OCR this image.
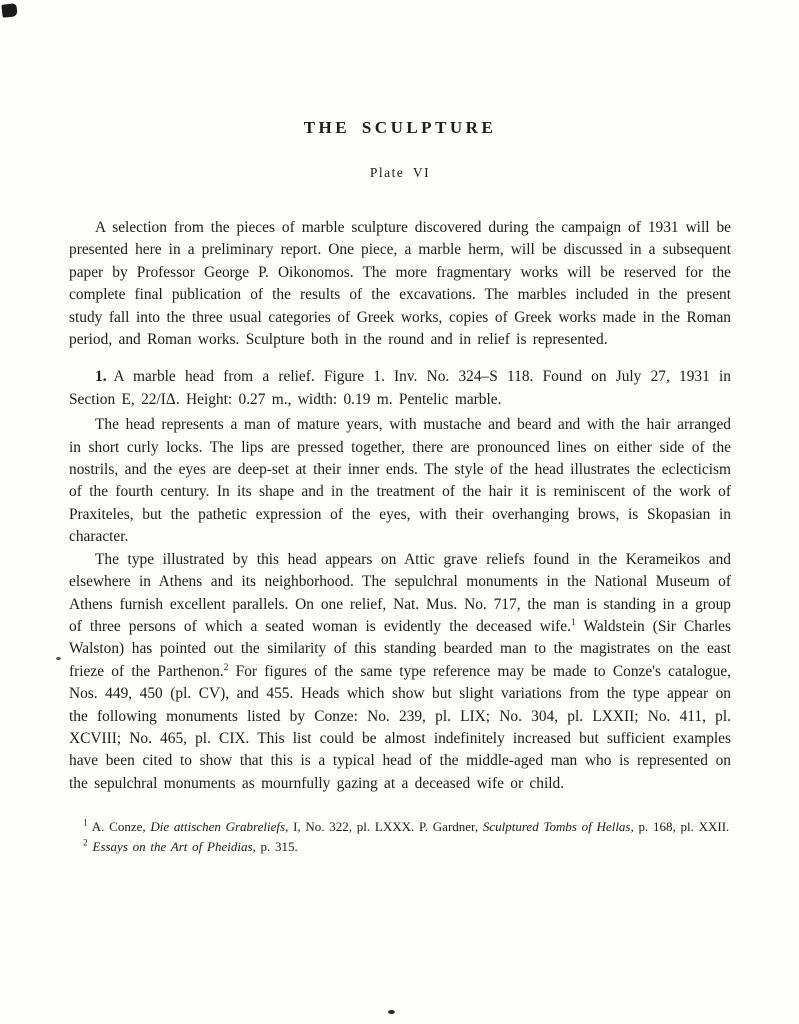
THE SCULPTURE
Plate VI

A selection from the pieces of marble sculpture discovered during the campaign of 1931 will be presented here in a preliminary report. One piece, a marble herm, will be discussed in a subsequent paper by Professor George P. Oikonomos. The more fragmentary works will be reserved for the complete final publication of the results of the excavations. The marbles included in the present study fall into the three usual categories of Greek works, copies of Greek works made in the Roman period, and Roman works. Sculpture both in the round and in relief is represented.

1. A marble head from a relief. Figure 1. Inv. No. 324–S 118. Found on July 27, 1931 in Section E, 22/ΙΔ. Height: 0.27 m., width: 0.19 m. Pentelic marble.

The head represents a man of mature years, with mustache and beard and with the hair arranged in short curly locks. The lips are pressed together, there are pronounced lines on either side of the nostrils, and the eyes are deep-set at their inner ends. The style of the head illustrates the eclecticism of the fourth century. In its shape and in the treatment of the hair it is reminiscent of the work of Praxiteles, but the pathetic expression of the eyes, with their overhanging brows, is Skopasian in character.

The type illustrated by this head appears on Attic grave reliefs found in the Kerameikos and elsewhere in Athens and its neighborhood. The sepulchral monuments in the National Museum of Athens furnish excellent parallels. On one relief, Nat. Mus. No. 717, the man is standing in a group of three persons of which a seated woman is evidently the deceased wife.$^1$ Waldstein (Sir Charles Walston) has pointed out the similarity of this standing bearded man to the magistrates on the east frieze of the Parthenon.$^2$ For figures of the same type reference may be made to Conze's catalogue, Nos. 449, 450 (pl. CV), and 455. Heads which show but slight variations from the type appear on the following monuments listed by Conze: No. 239, pl. LIX; No. 304, pl. LXXII; No. 411, pl. XCVIII; No. 465, pl. CIX. This list could be almost indefinitely increased but sufficient examples have been cited to show that this is a typical head of the middle-aged man who is represented on the sepulchral monuments as mournfully gazing at a deceased wife or child.

$^1$ A. Conze, Die attischen Grabreliefs, I, No. 322, pl. LXXX. P. Gardner, Sculptured Tombs of Hellas, p. 168, pl. XXII.

$^2$ Essays on the Art of Pheidias, p. 315.
